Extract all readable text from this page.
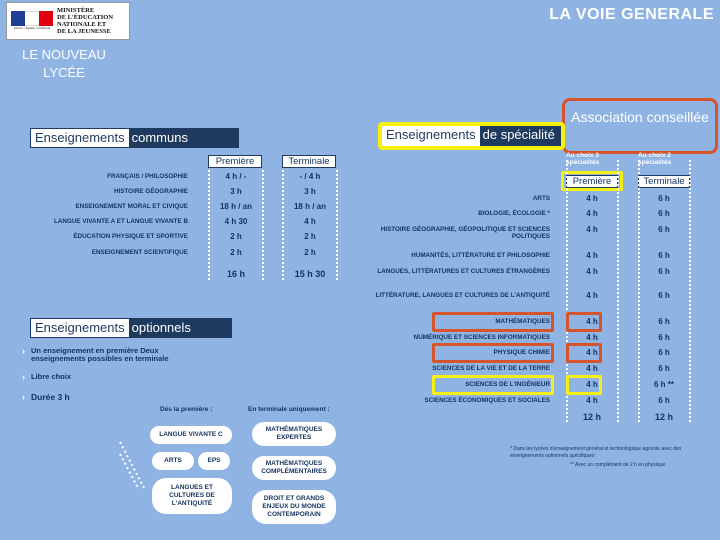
Liberté • Égalité • Fraternité
MINISTÈRE
DE L'ÉDUCATION
NATIONALE ET
DE LA JEUNESSE
LA VOIE GENERALE
LE NOUVEAU LYCÉE
Association conseillée
Enseignements communs
Première	Terminale
FRANÇAIS / PHILOSOPHIE	4 h / -	- / 4 h
HISTOIRE GÉOGRAPHIE	3 h	3 h
ENSEIGNEMENT MORAL ET CIVIQUE	18 h / an	18 h / an
LANGUE VIVANTE A ET LANGUE VIVANTE B	4 h 30	4 h
ÉDUCATION PHYSIQUE ET SPORTIVE	2 h	2 h
ENSEIGNEMENT SCIENTIFIQUE	2 h	2 h
16 h	15 h 30
Enseignements optionnels
› Un enseignement en première Deux enseignements possibles en terminale
› Libre choix
› Durée 3 h
Dès la première :	En terminale uniquement :
LANGUE VIVANTE C
ARTS	EPS
LANGUES ET CULTURES DE L'ANTIQUITÉ
MATHÉMATIQUES EXPERTES
MATHÉMATIQUES COMPLÉMENTAIRES
DROIT ET GRANDS ENJEUX DU MONDE CONTEMPORAIN
Enseignements de spécialité
Au choix 3 spécialités
Au choix 2 spécialités
Première	Terminale
ARTS	4 h	6 h
BIOLOGIE, ÉCOLOGIE *	4 h	6 h
HISTOIRE GÉOGRAPHIE, GÉOPOLITIQUE ET SCIENCES POLITIQUES
4 h	6 h
HUMANITÉS, LITTÉRATURE ET PHILOSOPHIE	4 h	6 h
LANGUES, LITTÉRATURES ET CULTURES ÉTRANGÈRES	4 h	6 h
LITTÉRATURE, LANGUES ET CULTURES DE L'ANTIQUITÉ	4 h	6 h
MATHÉMATIQUES	4 h	6 h
NUMÉRIQUE ET SCIENCES INFORMATIQUES	4 h	6 h
PHYSIQUE CHIMIE	4 h	6 h
SCIENCES DE LA VIE ET DE LA TERRE	4 h	6 h
SCIENCES DE L'INGÉNIEUR	4 h	6 h **
SCIENCES ÉCONOMIQUES ET SOCIALES	4 h	6 h
12 h	12 h
* Dans les lycées d'enseignement général et technologique agricole avec des enseignements optionnels spécifiques
** Avec un complément de 2 h en physique
